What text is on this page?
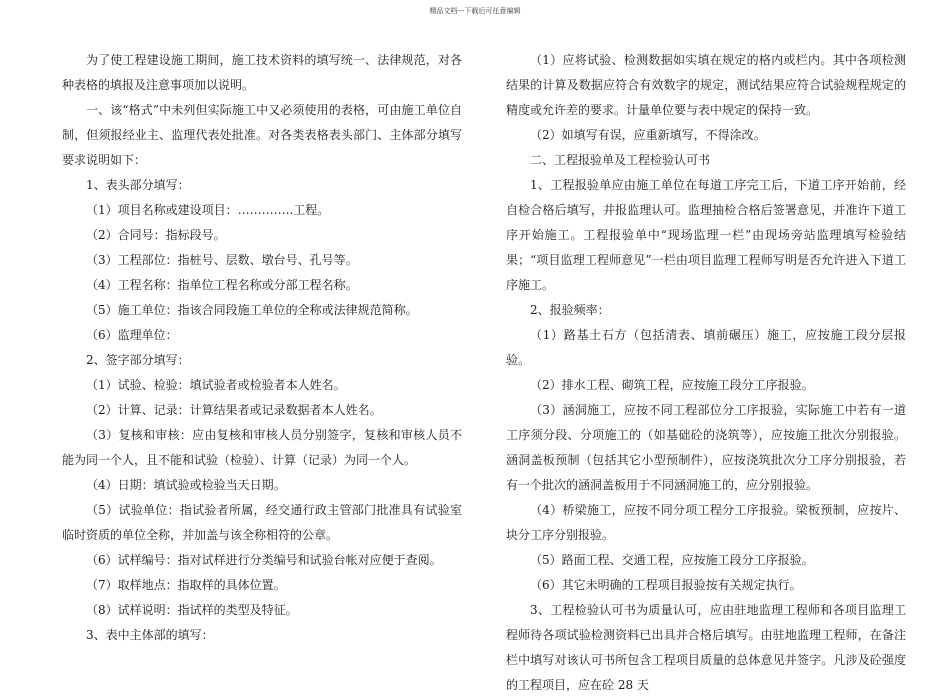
精品文档---下载后可任意编辑

为了使工程建设施工期间，施工技术资料的填写统一、法律规范，对各种表格的填报及注意事项加以说明。

一、该“格式”中未列但实际施工中又必须使用的表格，可由施工单位自制，但须报经业主、监理代表处批准。对各类表格表头部门、主体部分填写要求说明如下：

1、表头部分填写：

（1）项目名称或建设项目：…………..工程。

（2）合同号：指标段号。

（3）工程部位：指桩号、层数、墩台号、孔号等。

（4）工程名称：指单位工程名称或分部工程名称。

（5）施工单位：指该合同段施工单位的全称或法律规范简称。

（6）监理单位：

2、签字部分填写：

（1）试验、检验：填试验者或检验者本人姓名。

（2）计算、记录：计算结果者或记录数据者本人姓名。

（3）复核和审核：应由复核和审核人员分别签字，复核和审核人员不能为同一个人，且不能和试验（检验）、计算（记录）为同一个人。

（4）日期：填试验或检验当天日期。

（5）试验单位：指试验者所属，经交通行政主管部门批准具有试验室临时资质的单位全称，并加盖与该全称相符的公章。

（6）试样编号：指对试样进行分类编号和试验台帐对应便于查阅。

（7）取样地点：指取样的具体位置。

（8）试样说明：指试样的类型及特征。

3、表中主体部的填写：

（1）应将试验、检测数据如实填在规定的格内或栏内。其中各项检测结果的计算及数据应符合有效数字的规定，测试结果应符合试验规程规定的精度或允许差的要求。计量单位要与表中规定的保持一致。

（2）如填写有误，应重新填写，不得涂改。

二、工程报验单及工程检验认可书

1、工程报验单应由施工单位在每道工序完工后，下道工序开始前，经自检合格后填写，并报监理认可。监理抽检合格后签署意见，并准许下道工序开始施工。工程报验单中“现场监理一栏”由现场旁站监理填写检验结果；“项目监理工程师意见”一栏由项目监理工程师写明是否允许进入下道工序施工。

2、报验频率：

（1）路基土石方（包括清表、填前碾压）施工，应按施工段分层报验。

（2）排水工程、砌筑工程，应按施工段分工序报验。

（3）涵洞施工，应按不同工程部位分工序报验，实际施工中若有一道工序须分段、分项施工的（如基础砼的浇筑等），应按施工批次分别报验。涵洞盖板预制（包括其它小型预制件），应按浇筑批次分工序分别报验，若有一个批次的涵洞盖板用于不同涵洞施工的，应分别报验。

（4）桥梁施工，应按不同分项工程分工序报验。梁板预制，应按片、块分工序分别报验。

（5）路面工程、交通工程，应按施工段分工序报验。

（6）其它未明确的工程项目报验按有关规定执行。

3、工程检验认可书为质量认可，应由驻地监理工程师和各项目监理工程师待各项试验检测资料已出具并合格后填写。由驻地监理工程师，在备注栏中填写对该认可书所包含工程项目质量的总体意见并签字。凡涉及砼强度的工程项目，应在砼 28 天
